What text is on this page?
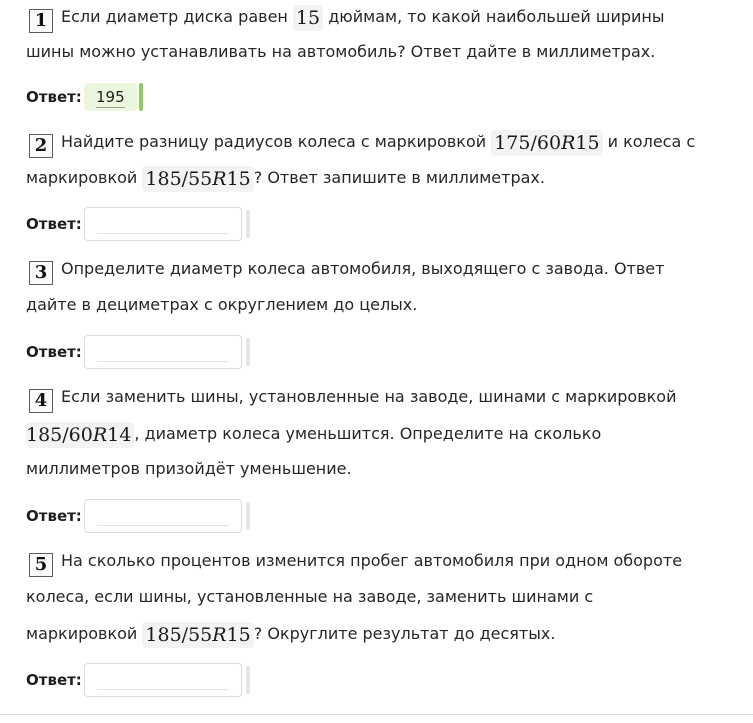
1 Если диаметр диска равен 15 дюймам, то какой наибольшей ширины
шины можно устанавливать на автомобиль? Ответ дайте в миллиметрах.
Ответ: 195
2 Найдите разницу радиусов колеса с маркировкой 175/60R15 и колеса с
маркировкой 185/55R15 ? Ответ запишите в миллиметрах.
Ответ:
3 Определите диаметр колеса автомобиля, выходящего с завода. Ответ
дайте в дециметрах с округлением до целых.
Ответ:
4 Если заменить шины, установленные на заводе, шинами с маркировкой
185/60R14 , диаметр колеса уменьшится. Определите на сколько
миллиметров призойдёт уменьшение.
Ответ:
5 На сколько процентов изменится пробег автомобиля при одном обороте
колеса, если шины, установленные на заводе, заменить шинами с
маркировкой 185/55R15 ? Округлите результат до десятых.
Ответ:
